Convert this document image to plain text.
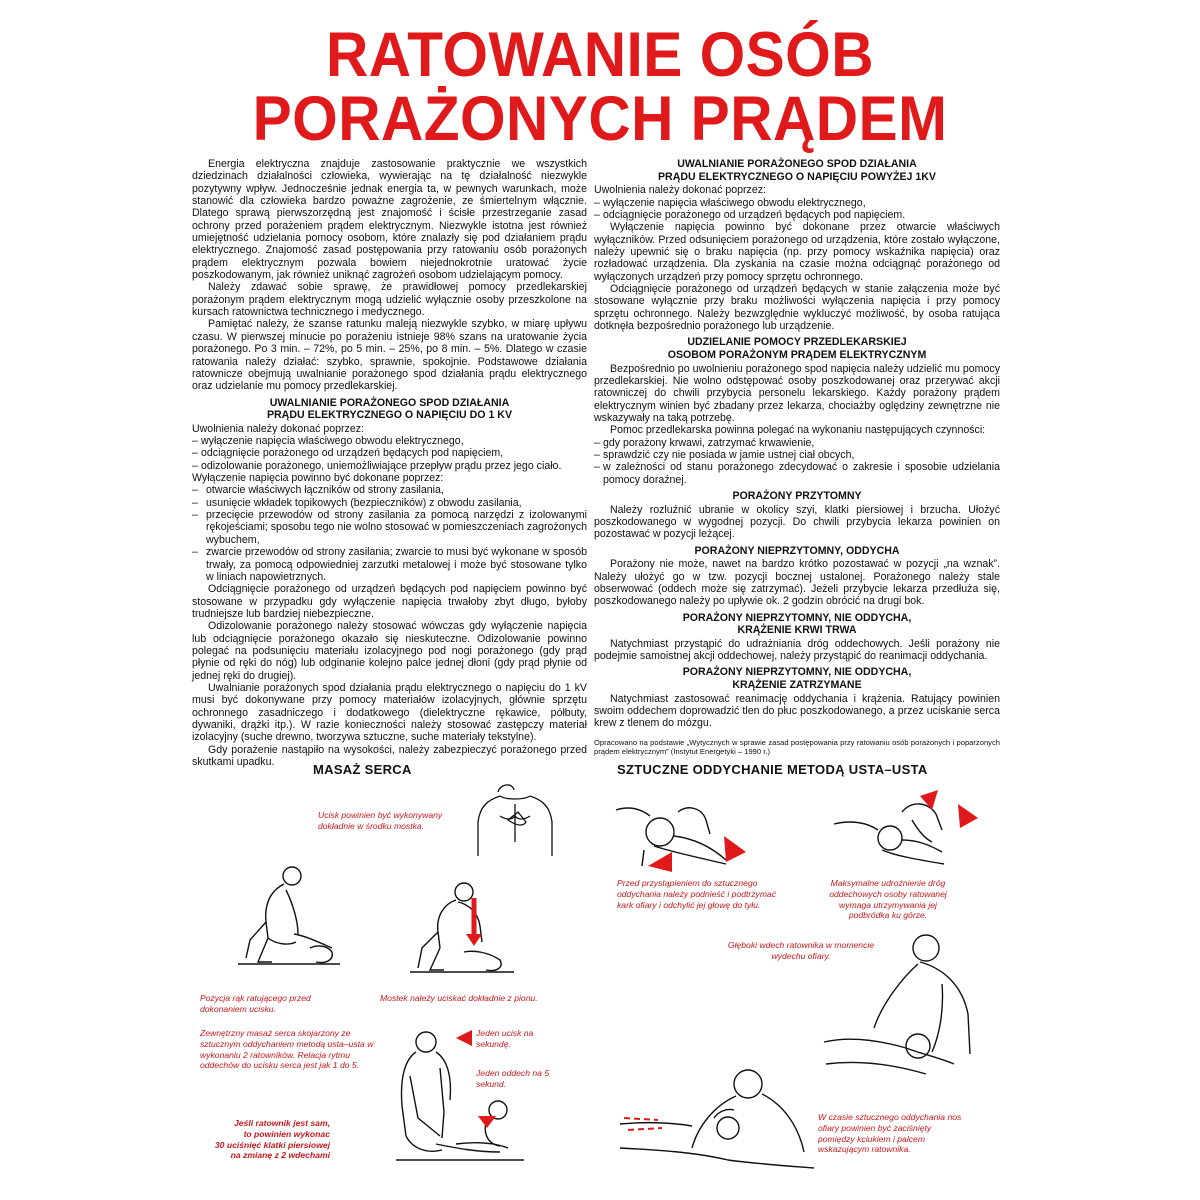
RATOWANIE OSÓB
PORAŻONYCH PRĄDEM

Energia elektryczna znajduje zastosowanie praktycznie we wszystkich dziedzinach działalności człowieka, wywierając na tę działalność niezwykle pozytywny wpływ. Jednocześnie jednak energia ta, w pewnych warunkach, może stanowić dla człowieka bardzo poważne zagrożenie, ze śmiertelnym włącznie. Dlatego sprawą pierwszorzędną jest znajomość i ścisłe przestrzeganie zasad ochrony przed porażeniem prądem elektrycznym. Niezwykle istotna jest również umiejętność udzielania pomocy osobom, które znalazły się pod działaniem prądu elektrycznego. Znajomość zasad postępowania przy ratowaniu osób porażonych prądem elektrycznym pozwala bowiem niejednokrotnie uratować życie poszkodowanym, jak również uniknąć zagrożeń osobom udzielającym pomocy.

Należy zdawać sobie sprawę, że prawidłowej pomocy przedlekarskiej porażonym prądem elektrycznym mogą udzielić wyłącznie osoby przeszkolone na kursach ratownictwa technicznego i medycznego.

Pamiętać należy, że szanse ratunku maleją niezwykle szybko, w miarę upływu czasu. W pierwszej minucie po porażeniu istnieje 98% szans na uratowanie życia porażonego. Po 3 min. – 72%, po 5 min. – 25%, po 8 min. – 5%. Dlatego w czasie ratowania należy działać: szybko, sprawnie, spokojnie. Podstawowe działania ratownicze obejmują uwalnianie porażonego spod działania prądu elektrycznego oraz udzielanie mu pomocy przedlekarskiej.

UWALNIANIE PORAŻONEGO SPOD DZIAŁANIA
PRĄDU ELEKTRYCZNEGO O NAPIĘCIU DO 1 KV

Uwolnienia należy dokonać poprzez:

– wyłączenie napięcia właściwego obwodu elektrycznego,

– odciągnięcie porażonego od urządzeń będących pod napięciem,

– odizolowanie porażonego, uniemożliwiające przepływ prądu przez jego ciało.

Wyłączenie napięcia powinno być dokonane poprzez:

– otwarcie właściwych łączników od strony zasilania,

– usunięcie wkładek topikowych (bezpieczników) z obwodu zasilania,

– przecięcie przewodów od strony zasilania za pomocą narzędzi z izolowanymi rękojeściami; sposobu tego nie wolno stosować w pomieszczeniach zagrożonych wybuchem,

– zwarcie przewodów od strony zasilania; zwarcie to musi być wykonane w sposób trwały, za pomocą odpowiedniej zarzutki metalowej i może być stosowane tylko w liniach napowietrznych.

Odciągnięcie porażonego od urządzeń będących pod napięciem powinno być stosowane w przypadku gdy wyłączenie napięcia trwałoby zbyt długo, byłoby trudniejsze lub bardziej niebezpieczne.

Odizolowanie porażonego należy stosować wówczas gdy wyłączenie napięcia lub odciągnięcie porażonego okazało się nieskuteczne. Odizolowanie powinno polegać na podsunięciu materiału izolacyjnego pod nogi porażonego (gdy prąd płynie od ręki do nóg) lub odginanie kolejno palce jednej dłoni (gdy prąd płynie od jednej ręki do drugiej).

Uwalnianie porażonych spod działania prądu elektrycznego o napięciu do 1 kV musi być dokonywane przy pomocy materiałów izolacyjnych, głównie sprzętu ochronnego zasadniczego i dodatkowego (dielektryczne rękawice, półbuty, dywaniki, drążki itp.). W razie konieczności należy stosować zastępczy materiał izolacyjny (suche drewno, tworzywa sztuczne, suche materiały tekstylne).

Gdy porażenie nastąpiło na wysokości, należy zabezpieczyć porażonego przed skutkami upadku.

UWALNIANIE PORAŻONEGO SPOD DZIAŁANIA
PRĄDU ELEKTRYCZNEGO O NAPIĘCIU POWYŻEJ 1KV

Uwolnienia należy dokonać poprzez:

– wyłączenie napięcia właściwego obwodu elektrycznego,

– odciągnięcie porażonego od urządzeń będących pod napięciem.

Wyłączenie napięcia powinno być dokonane przez otwarcie właściwych wyłączników. Przed odsunięciem porażonego od urządzenia, które zostało wyłączone, należy upewnić się o braku napięcia (np. przy pomocy wskaźnika napięcia) oraz rozładować urządzenia. Dla zyskania na czasie można odciągnąć porażonego od wyłączonych urządzeń przy pomocy sprzętu ochronnego.

Odciągnięcie porażonego od urządzeń będących w stanie załączenia może być stosowane wyłącznie przy braku możliwości wyłączenia napięcia i przy pomocy sprzętu ochronnego. Należy bezwzględnie wykluczyć możliwość, by osoba ratująca dotknęła bezpośrednio porażonego lub urządzenie.

UDZIELANIE POMOCY PRZEDLEKARSKIEJ
OSOBOM PORAŻONYM PRĄDEM ELEKTRYCZNYM

Bezpośrednio po uwolnieniu porażonego spod napięcia należy udzielić mu pomocy przedlekarskiej. Nie wolno odstępować osoby poszkodowanej oraz przerywać akcji ratowniczej do chwili przybycia personelu lekarskiego. Każdy porażony prądem elektrycznym winien być zbadany przez lekarza, chociażby oględziny zewnętrzne nie wskazywały na taką potrzebę.

Pomoc przedlekarska powinna polegać na wykonaniu następujących czynności:

– gdy porażony krwawi, zatrzymać krwawienie,

– sprawdzić czy nie posiada w jamie ustnej ciał obcych,

– w zależności od stanu porażonego zdecydować o zakresie i sposobie udzielania pomocy doraźnej.

PORAŻONY PRZYTOMNY

Należy rozluźnić ubranie w okolicy szyi, klatki piersiowej i brzucha. Ułożyć poszkodowanego w wygodnej pozycji. Do chwili przybycia lekarza powinien on pozostawać w pozycji leżącej.

PORAŻONY NIEPRZYTOMNY, ODDYCHA

Porażony nie może, nawet na bardzo krótko pozostawać w pozycji „na wznak”. Należy ułożyć go w tzw. pozycji bocznej ustalonej. Porażonego należy stale obserwować (oddech może się zatrzymać). Jeżeli przybycie lekarza przedłuża się, poszkodowanego należy po upływie ok. 2 godzin obrócić na drugi bok.

PORAŻONY NIEPRZYTOMNY, NIE ODDYCHA,
KRĄŻENIE KRWI TRWA

Natychmiast przystąpić do udrażniania dróg oddechowych. Jeśli porażony nie podejmie samoistnej akcji oddechowej, należy przystąpić do reanimacji oddychania.

PORAŻONY NIEPRZYTOMNY, NIE ODDYCHA,
KRĄŻENIE ZATRZYMANE

Natychmiast zastosować reanimację oddychania i krążenia. Ratujący powinien swoim oddechem doprowadzić tlen do płuc poszkodowanego, a przez uciskanie serca krew z tlenem do mózgu.

Opracowano na podstawie „Wytycznych w sprawie zasad postępowania przy ratowaniu osób porażonych i poparzonych prądem elektrycznym” (Instytut Energetyki – 1990 r.)

MASAŻ SERCA	SZTUCZNE ODDYCHANIE METODĄ USTA–USTA
Ucisk powinien być wykonywany dokładnie w środku mostka.
Pozycja rąk ratującego przed dokonaniem ucisku.
Mostek należy uciskać dokładnie z pionu.
Zewnętrzny masaż serca skojarzony ze sztucznym oddychaniem metodą usta–usta w wykonaniu 2 ratowników. Relacja rytmu oddechów do ucisku serca jest jak 1 do 5.
Jeden ucisk na sekundę.
Jeden oddech na 5 sekund.
Jeśli ratownik jest sam,
to powinien wykonac
30 uciśnięć klatki piersiowej
na zmianę z 2 wdechami
Przed przystąpieniem do sztucznego oddychania należy podnieść i podtrzymać kark ofiary i odchylić jej głowę do tyłu.
Maksymalne udrożnienie dróg oddechowych osoby ratowanej wymaga utrzymywania jej podbródka ku górze.
Głęboki wdech ratownika w momencie wydechu ofiary.
W czasie sztucznego oddychania nos ofiary powinien być zaciśnięty pomiędzy kciukiem i palcem wskazującym ratownika.
